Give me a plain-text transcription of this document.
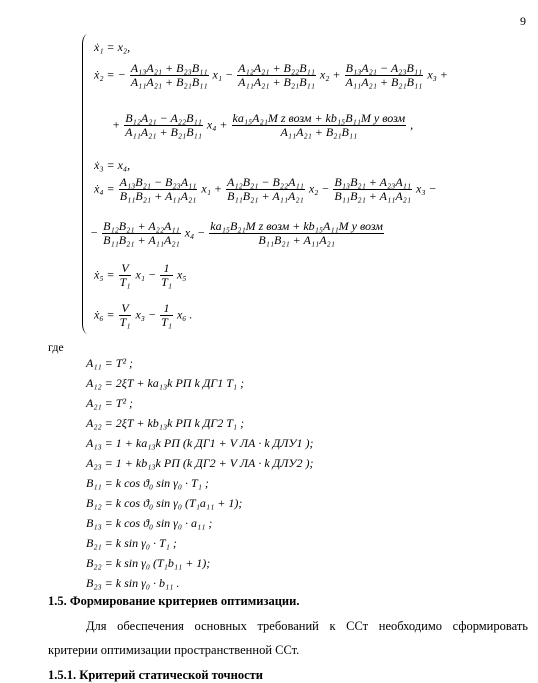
9
ẋ₁ = x₂,
ẋ₂ = − $\frac{\text{A₁₃A₂₁ + B₂₃B₁₁}}{\text{A₁₁A₂₁ + B₂₁B₁₁}} x_1 - \frac{\text{A₁₂A₂₁ + B₂₂B₁₁}}{\text{A₁₁A₂₁ + B₂₁B₁₁}} x_2 + \frac{\text{B₁₃A₂₁ − A₂₃B₁₁}}{\text{A₁₁A₂₁ + B₂₁B₁₁}} x_3$ +
+ $\frac{\text{B₁₂A₂₁ − A₂₂B₁₁}}{\text{A₁₁A₂₁ + B₂₁B₁₁}} x_4 + \frac{\text{ka₁₅A₂₁M z возм + kb₁₅B₁₁M y возм}}{\text{A₁₁A₂₁ + B₂₁B₁₁}}$ ,
ẋ₃ = x₄,
ẋ₄ = $\frac{\text{A₁₃B₂₁ − B₂₃A₁₁}}{\text{B₁₁B₂₁ + A₁₁A₂₁}} x_1 + \frac{\text{A₁₂B₂₁ − B₂₂A₁₁}}{\text{B₁₁B₂₁ + A₁₁A₂₁}} x_2 - \frac{\text{B₁₃B₂₁ + A₂₃A₁₁}}{\text{B₁₁B₂₁ + A₁₁A₂₁}} x_3$ −
− $\frac{\text{B₁₂B₂₁ + A₂₂A₁₁}}{\text{B₁₁B₂₁ + A₁₁A₂₁}} x_4 - \frac{\text{ka₁₅B₂₁M z возм + kb₁₅A₁₁M y возм}}{\text{B₁₁B₂₁ + A₁₁A₂₁}}$
ẋ₅ = $\frac{V}{\text{T₁}} x_1 - \frac{1}{\text{T₁}} x_5$
ẋ₆ = $\frac{V}{\text{T₁}} x_3 - \frac{1}{\text{T₁}} x_6$ .
где
A₁₁ = T² ;
A₁₂ = 2ξT + ka₁₃k РП k ДГ1 T₁ ;
A₂₁ = T² ;
A₂₂ = 2ξT + kb₁₃k РП k ДГ2 T₁ ;
A₁₃ = 1 + ka₁₃k РП (k ДГ1 + V ЛА · k ДЛУ1 );
A₂₃ = 1 + kb₁₃k РП (k ДГ2 + V ЛА · k ДЛУ2 );
B₁₁ = k cos ϑ₀ sin γ₀ · T₁ ;
B₁₂ = k cos ϑ₀ sin γ₀ (T₁a₁₁ + 1);
B₁₃ = k cos ϑ₀ sin γ₀ · a₁₁ ;
B₂₁ = k sin γ₀ · T₁ ;
B₂₂ = k sin γ₀ (T₁b₁₁ + 1);
B₂₃ = k sin γ₀ · b₁₁ .
1.5. Формирование критериев оптимизации.
Для обеспечения основных требований к ССт необходимо сформировать критерии оптимизации пространственной ССт.
1.5.1. Критерий статической точности
